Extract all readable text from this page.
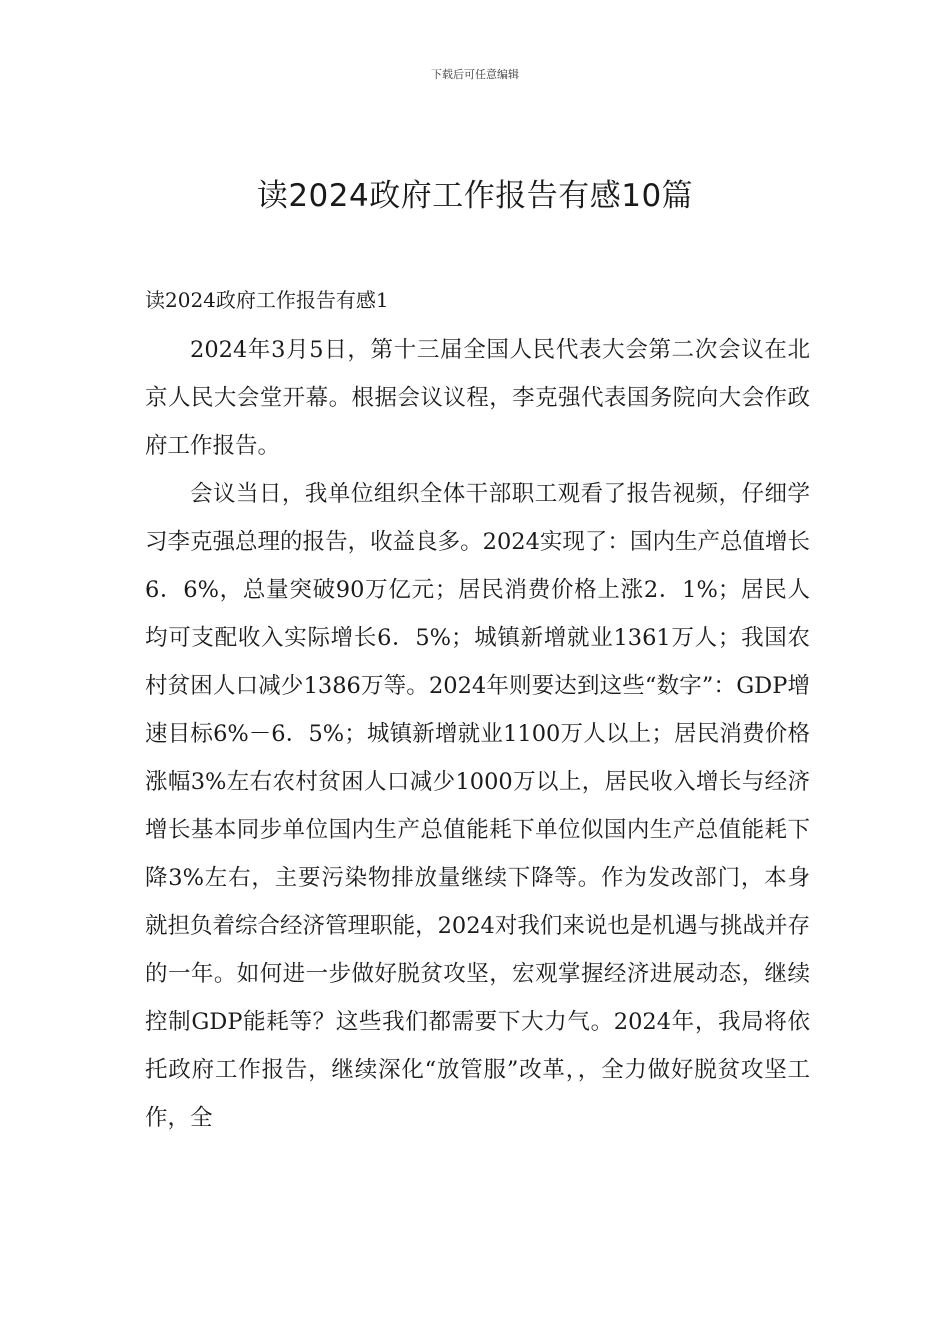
下载后可任意编辑
读2024政府工作报告有感10篇
读2024政府工作报告有感1

2024年3月5日，第十三届全国人民代表大会第二次会议在北京人民大会堂开幕。根据会议议程，李克强代表国务院向大会作政府工作报告。

会议当日，我单位组织全体干部职工观看了报告视频，仔细学习李克强总理的报告，收益良多。2024实现了：国内生产总值增长6．6%，总量突破90万亿元；居民消费价格上涨2．1%；居民人均可支配收入实际增长6．5%；城镇新增就业1361万人；我国农村贫困人口减少1386万等。2024年则要达到这些“数字”：GDP增速目标6%－6．5%；城镇新增就业1100万人以上；居民消费价格涨幅3%左右农村贫困人口减少1000万以上，居民收入增长与经济增长基本同步单位国内生产总值能耗下单位似国内生产总值能耗下降3%左右，主要污染物排放量继续下降等。作为发改部门，本身就担负着综合经济管理职能，2024对我们来说也是机遇与挑战并存的一年。如何进一步做好脱贫攻坚，宏观掌握经济进展动态，继续控制GDP能耗等？这些我们都需要下大力气。2024年，我局将依托政府工作报告，继续深化“放管服”改革，，全力做好脱贫攻坚工作，全
